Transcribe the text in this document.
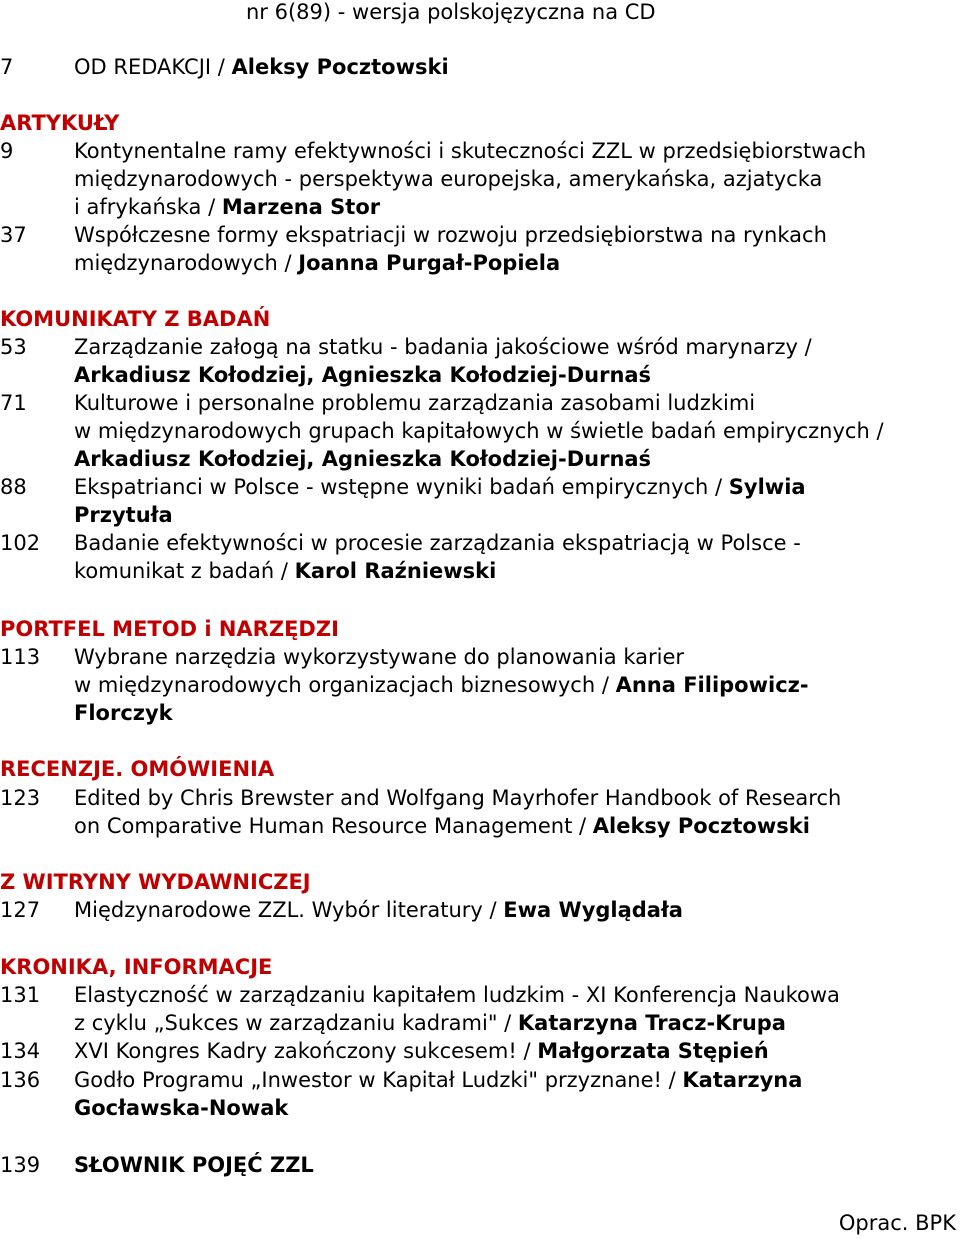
nr 6(89) - wersja polskojęzyczna na CD
7	OD REDAKCJI / Aleksy Pocztowski
ARTYKUŁY
9	Kontynentalne ramy efektywności i skuteczności ZZL w przedsiębiorstwach
międzynarodowych - perspektywa europejska, amerykańska, azjatycka
i afrykańska / Marzena Stor
37 Współczesne formy ekspatriacji w rozwoju przedsiębiorstwa na rynkach
międzynarodowych / Joanna Purgał-Popiela
KOMUNIKATY Z BADAŃ
53 Zarządzanie załogą na statku - badania jakościowe wśród marynarzy /
Arkadiusz Kołodziej, Agnieszka Kołodziej-Durnaś
71 Kulturowe i personalne problemu zarządzania zasobami ludzkimi
w międzynarodowych grupach kapitałowych w świetle badań empirycznych /
Arkadiusz Kołodziej, Agnieszka Kołodziej-Durnaś
88 Ekspatrianci w Polsce - wstępne wyniki badań empirycznych / Sylwia
Przytuła
102 Badanie efektywności w procesie zarządzania ekspatriacją w Polsce -
komunikat z badań / Karol Raźniewski
PORTFEL METOD i NARZĘDZI
113 Wybrane narzędzia wykorzystywane do planowania karier
w międzynarodowych organizacjach biznesowych / Anna Filipowicz-
Florczyk
RECENZJE. OMÓWIENIA
123 Edited by Chris Brewster and Wolfgang Mayrhofer Handbook of Research
on Comparative Human Resource Management / Aleksy Pocztowski
Z WITRYNY WYDAWNICZEJ
127 Międzynarodowe ZZL. Wybór literatury / Ewa Wyglądała
KRONIKA, INFORMACJE
131 Elastyczność w zarządzaniu kapitałem ludzkim - XI Konferencja Naukowa
z cyklu „Sukces w zarządzaniu kadrami" / Katarzyna Tracz-Krupa
134 XVI Kongres Kadry zakończony sukcesem! / Małgorzata Stępień
136 Godło Programu „Inwestor w Kapitał Ludzki" przyznane! / Katarzyna
Gocławska-Nowak
139 SŁOWNIK POJĘĆ ZZL
Oprac. BPK
